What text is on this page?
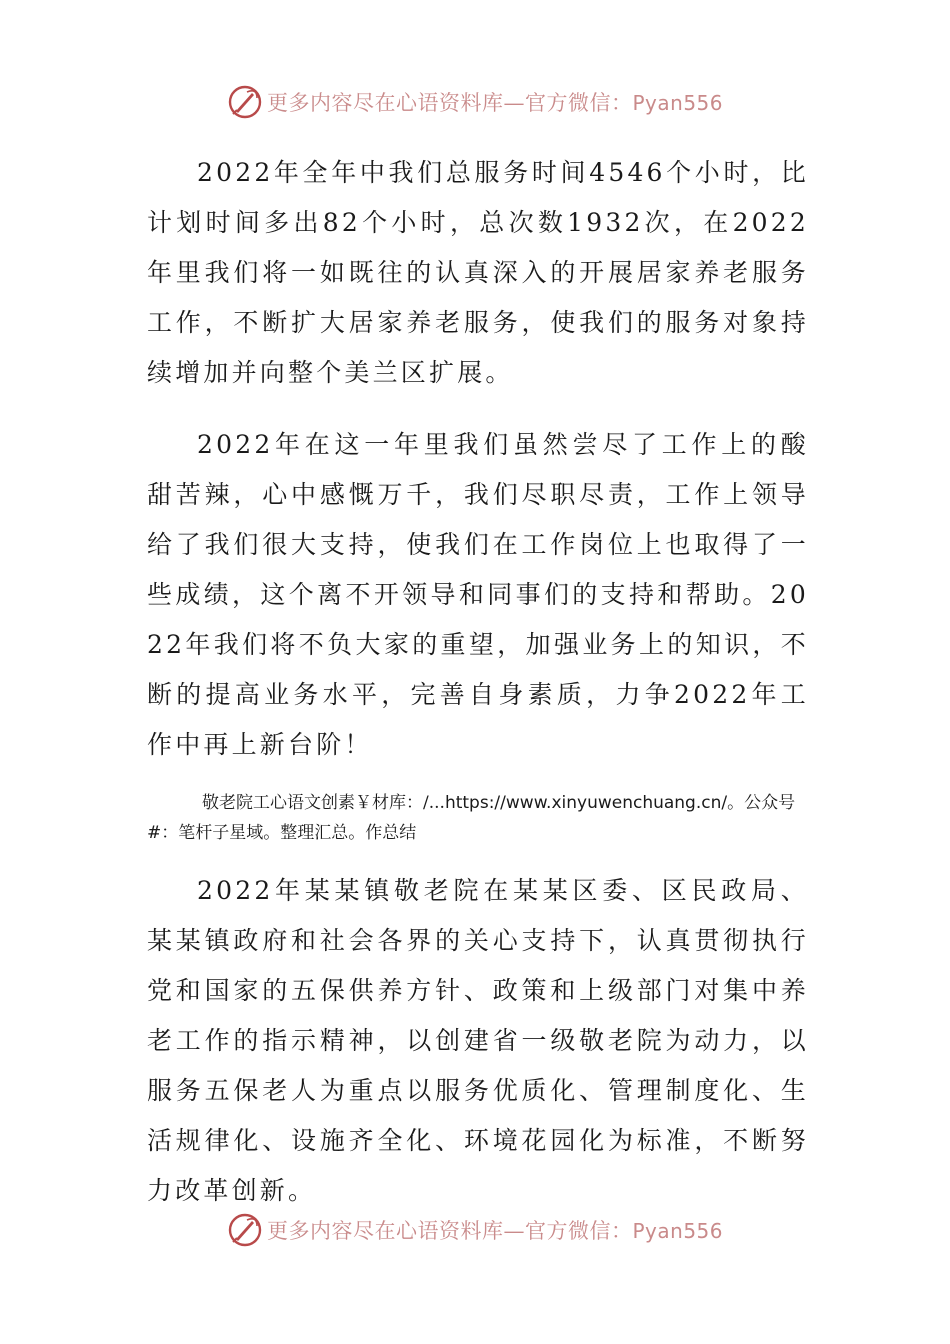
更多内容尽在心语资料库—官方微信：Pyan556

2022年全年中我们总服务时间4546个小时，比计划时间多出82个小时，总次数1932次，在2022年里我们将一如既往的认真深入的开展居家养老服务工作，不断扩大居家养老服务，使我们的服务对象持续增加并向整个美兰区扩展。

2022年在这一年里我们虽然尝尽了工作上的酸甜苦辣，心中感慨万千，我们尽职尽责，工作上领导给了我们很大支持，使我们在工作岗位上也取得了一些成绩，这个离不开领导和同事们的支持和帮助。2022年我们将不负大家的重望，加强业务上的知识，不断的提高业务水平，完善自身素质，力争2022年工作中再上新台阶！

敬老院工心语文创素￥材库：/...https://www.xinyuwenchuang.cn/。公众号
#：笔杆子星域。整理汇总。作总结

2022年某某镇敬老院在某某区委、区民政局、某某镇政府和社会各界的关心支持下，认真贯彻执行党和国家的五保供养方针、政策和上级部门对集中养老工作的指示精神，以创建省一级敬老院为动力，以服务五保老人为重点以服务优质化、管理制度化、生活规律化、设施齐全化、环境花园化为标准，不断努力改革创新。

更多内容尽在心语资料库—官方微信：Pyan556
